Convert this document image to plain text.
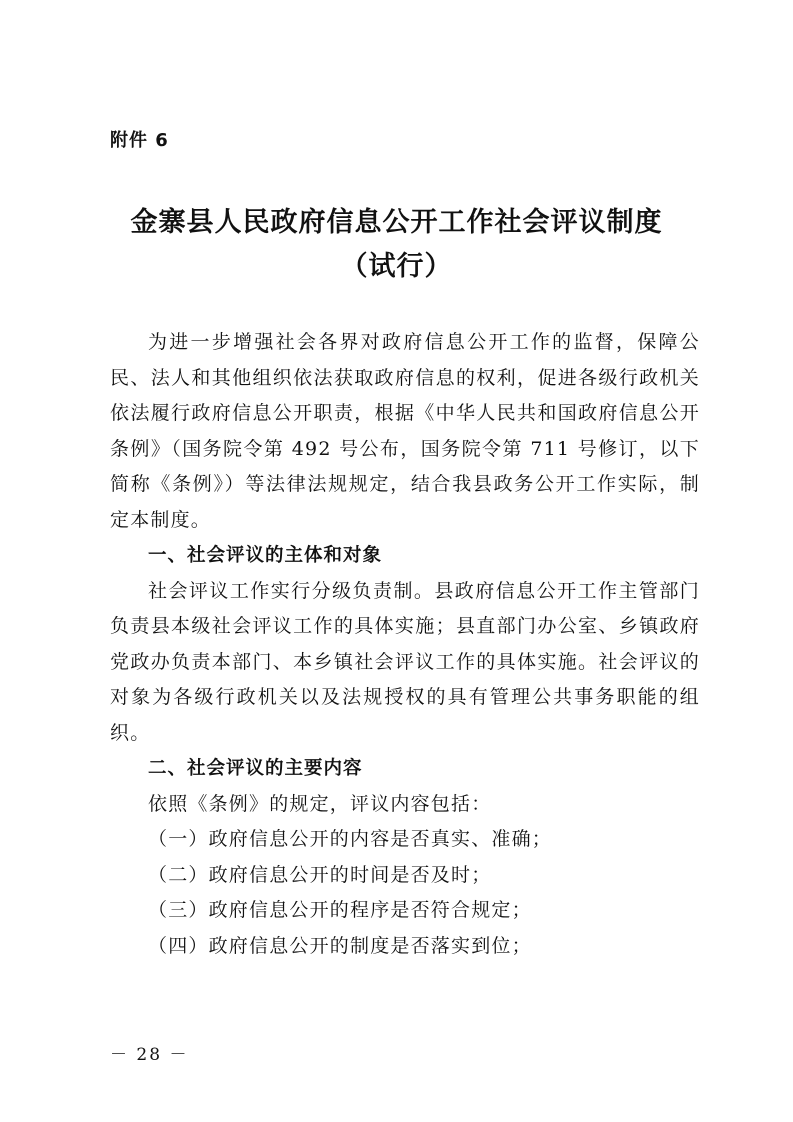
附件 6
金寨县人民政府信息公开工作社会评议制度
（试行）

为进一步增强社会各界对政府信息公开工作的监督，保障公民、法人和其他组织依法获取政府信息的权利，促进各级行政机关依法履行政府信息公开职责，根据《中华人民共和国政府信息公开条例》（国务院令第 492 号公布，国务院令第 711 号修订，以下简称《条例》）等法律法规规定，结合我县政务公开工作实际，制定本制度。

一、社会评议的主体和对象

社会评议工作实行分级负责制。县政府信息公开工作主管部门负责县本级社会评议工作的具体实施；县直部门办公室、乡镇政府党政办负责本部门、本乡镇社会评议工作的具体实施。社会评议的对象为各级行政机关以及法规授权的具有管理公共事务职能的组织。

二、社会评议的主要内容

依照《条例》的规定，评议内容包括：

（一）政府信息公开的内容是否真实、准确；

（二）政府信息公开的时间是否及时；

（三）政府信息公开的程序是否符合规定；

（四）政府信息公开的制度是否落实到位；

－ 28 －
